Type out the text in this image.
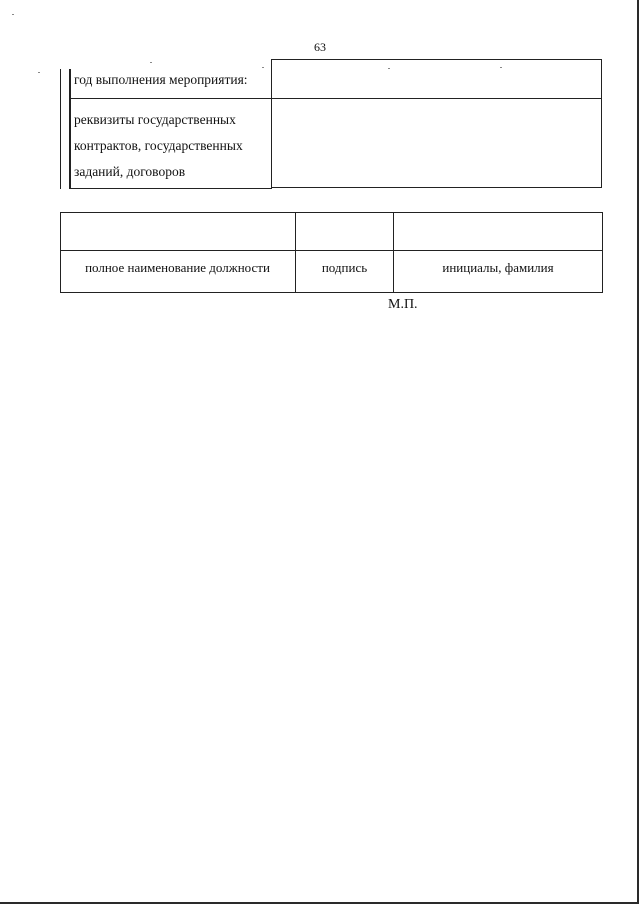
63
год выполнения мероприятия:
реквизиты государственных контрактов, государственных заданий, договоров
полное наименование должности	подпись	инициалы, фамилия
М.П.
